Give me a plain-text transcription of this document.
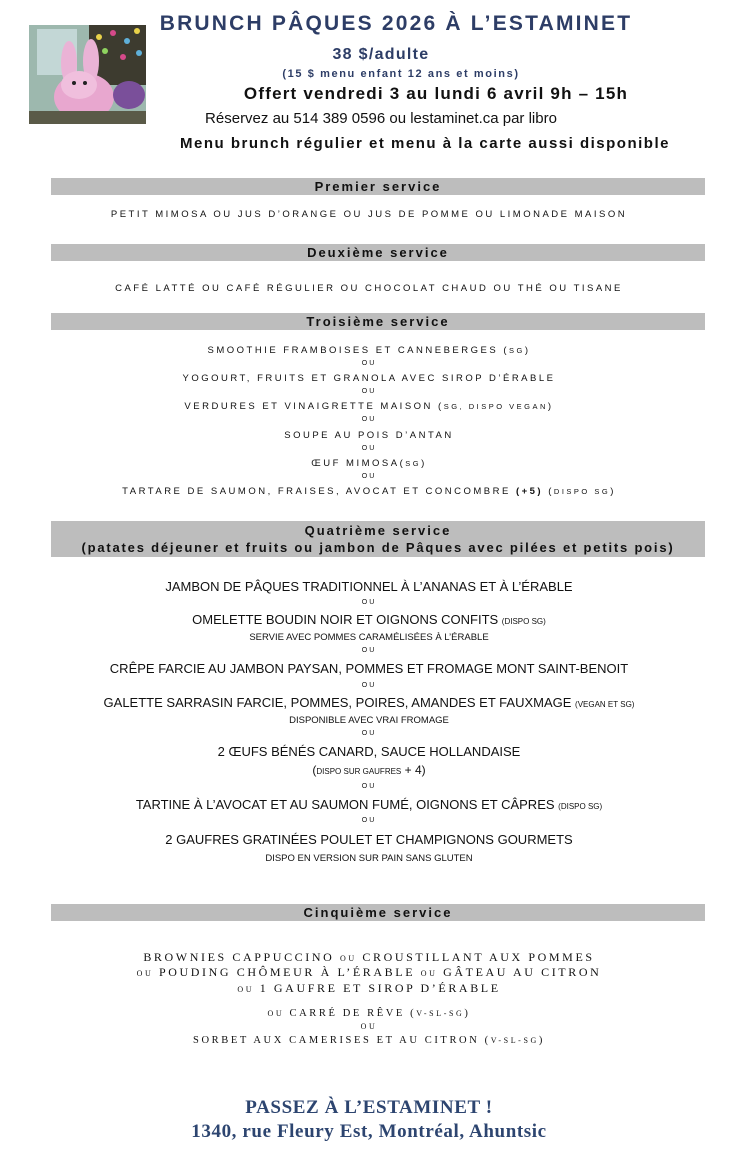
BRUNCH PÂQUES 2026 À L’ESTAMINET
38 $/adulte
(15 $ menu enfant 12 ans et moins)
Offert vendredi 3 au lundi 6 avril 9h – 15h
Réservez au 514 389 0596 ou lestaminet.ca par libro
Menu brunch régulier et menu à la carte aussi disponible
Premier service
PETIT MIMOSA OU JUS D’ORANGE OU JUS DE POMME OU LIMONADE MAISON
Deuxième service
CAFÉ LATTÉ OU CAFÉ RÉGULIER OU CHOCOLAT CHAUD OU THÉ OU TISANE
Troisième service
SMOOTHIE FRAMBOISES ET CANNEBERGES (SG)
OU
YOGOURT, FRUITS ET GRANOLA AVEC SIROP D’ÉRABLE
OU
VERDURES ET VINAIGRETTE MAISON (SG, DISPO VEGAN)
OU
SOUPE AU POIS D’ANTAN
OU
ŒUF MIMOSA(SG)
OU
TARTARE DE SAUMON, FRAISES, AVOCAT ET CONCOMBRE (+5) (DISPO SG)
Quatrième service
(patates déjeuner et fruits ou jambon de Pâques avec pilées et petits pois)
JAMBON DE PÂQUES TRADITIONNEL À L’ANANAS ET À L’ÉRABLE
OU
OMELETTE BOUDIN NOIR ET OIGNONS CONFITS (DISPO SG)
SERVIE AVEC POMMES CARAMÉLISÉES À L’ÉRABLE
OU
CRÊPE FARCIE AU JAMBON PAYSAN, POMMES ET FROMAGE MONT SAINT-BENOIT
OU
GALETTE SARRASIN FARCIE, POMMES, POIRES, AMANDES ET FAUXMAGE (VEGAN ET SG)
DISPONIBLE AVEC VRAI FROMAGE
OU
2 ŒUFS BÉNÉS CANARD, SAUCE HOLLANDAISE
(DISPO SUR GAUFRES + 4)
OU
TARTINE À L’AVOCAT ET AU SAUMON FUMÉ, OIGNONS ET CÂPRES (DISPO SG)
OU
2 GAUFRES GRATINÉES POULET ET CHAMPIGNONS GOURMETS
DISPO EN VERSION SUR PAIN SANS GLUTEN
Cinquième service
BROWNIES CAPPUCCINO OU CROUSTILLANT AUX POMMES
OU POUDING CHÔMEUR À L’ÉRABLE OU GÂTEAU AU CITRON
OU 1 GAUFRE ET SIROP D’ÉRABLE
OU CARRÉ DE RÊVE (V-SL-SG)
OU
SORBET AUX CAMERISES ET AU CITRON (V-SL-SG)
PASSEZ À L’ESTAMINET !
1340, rue Fleury Est, Montréal, Ahuntsic
